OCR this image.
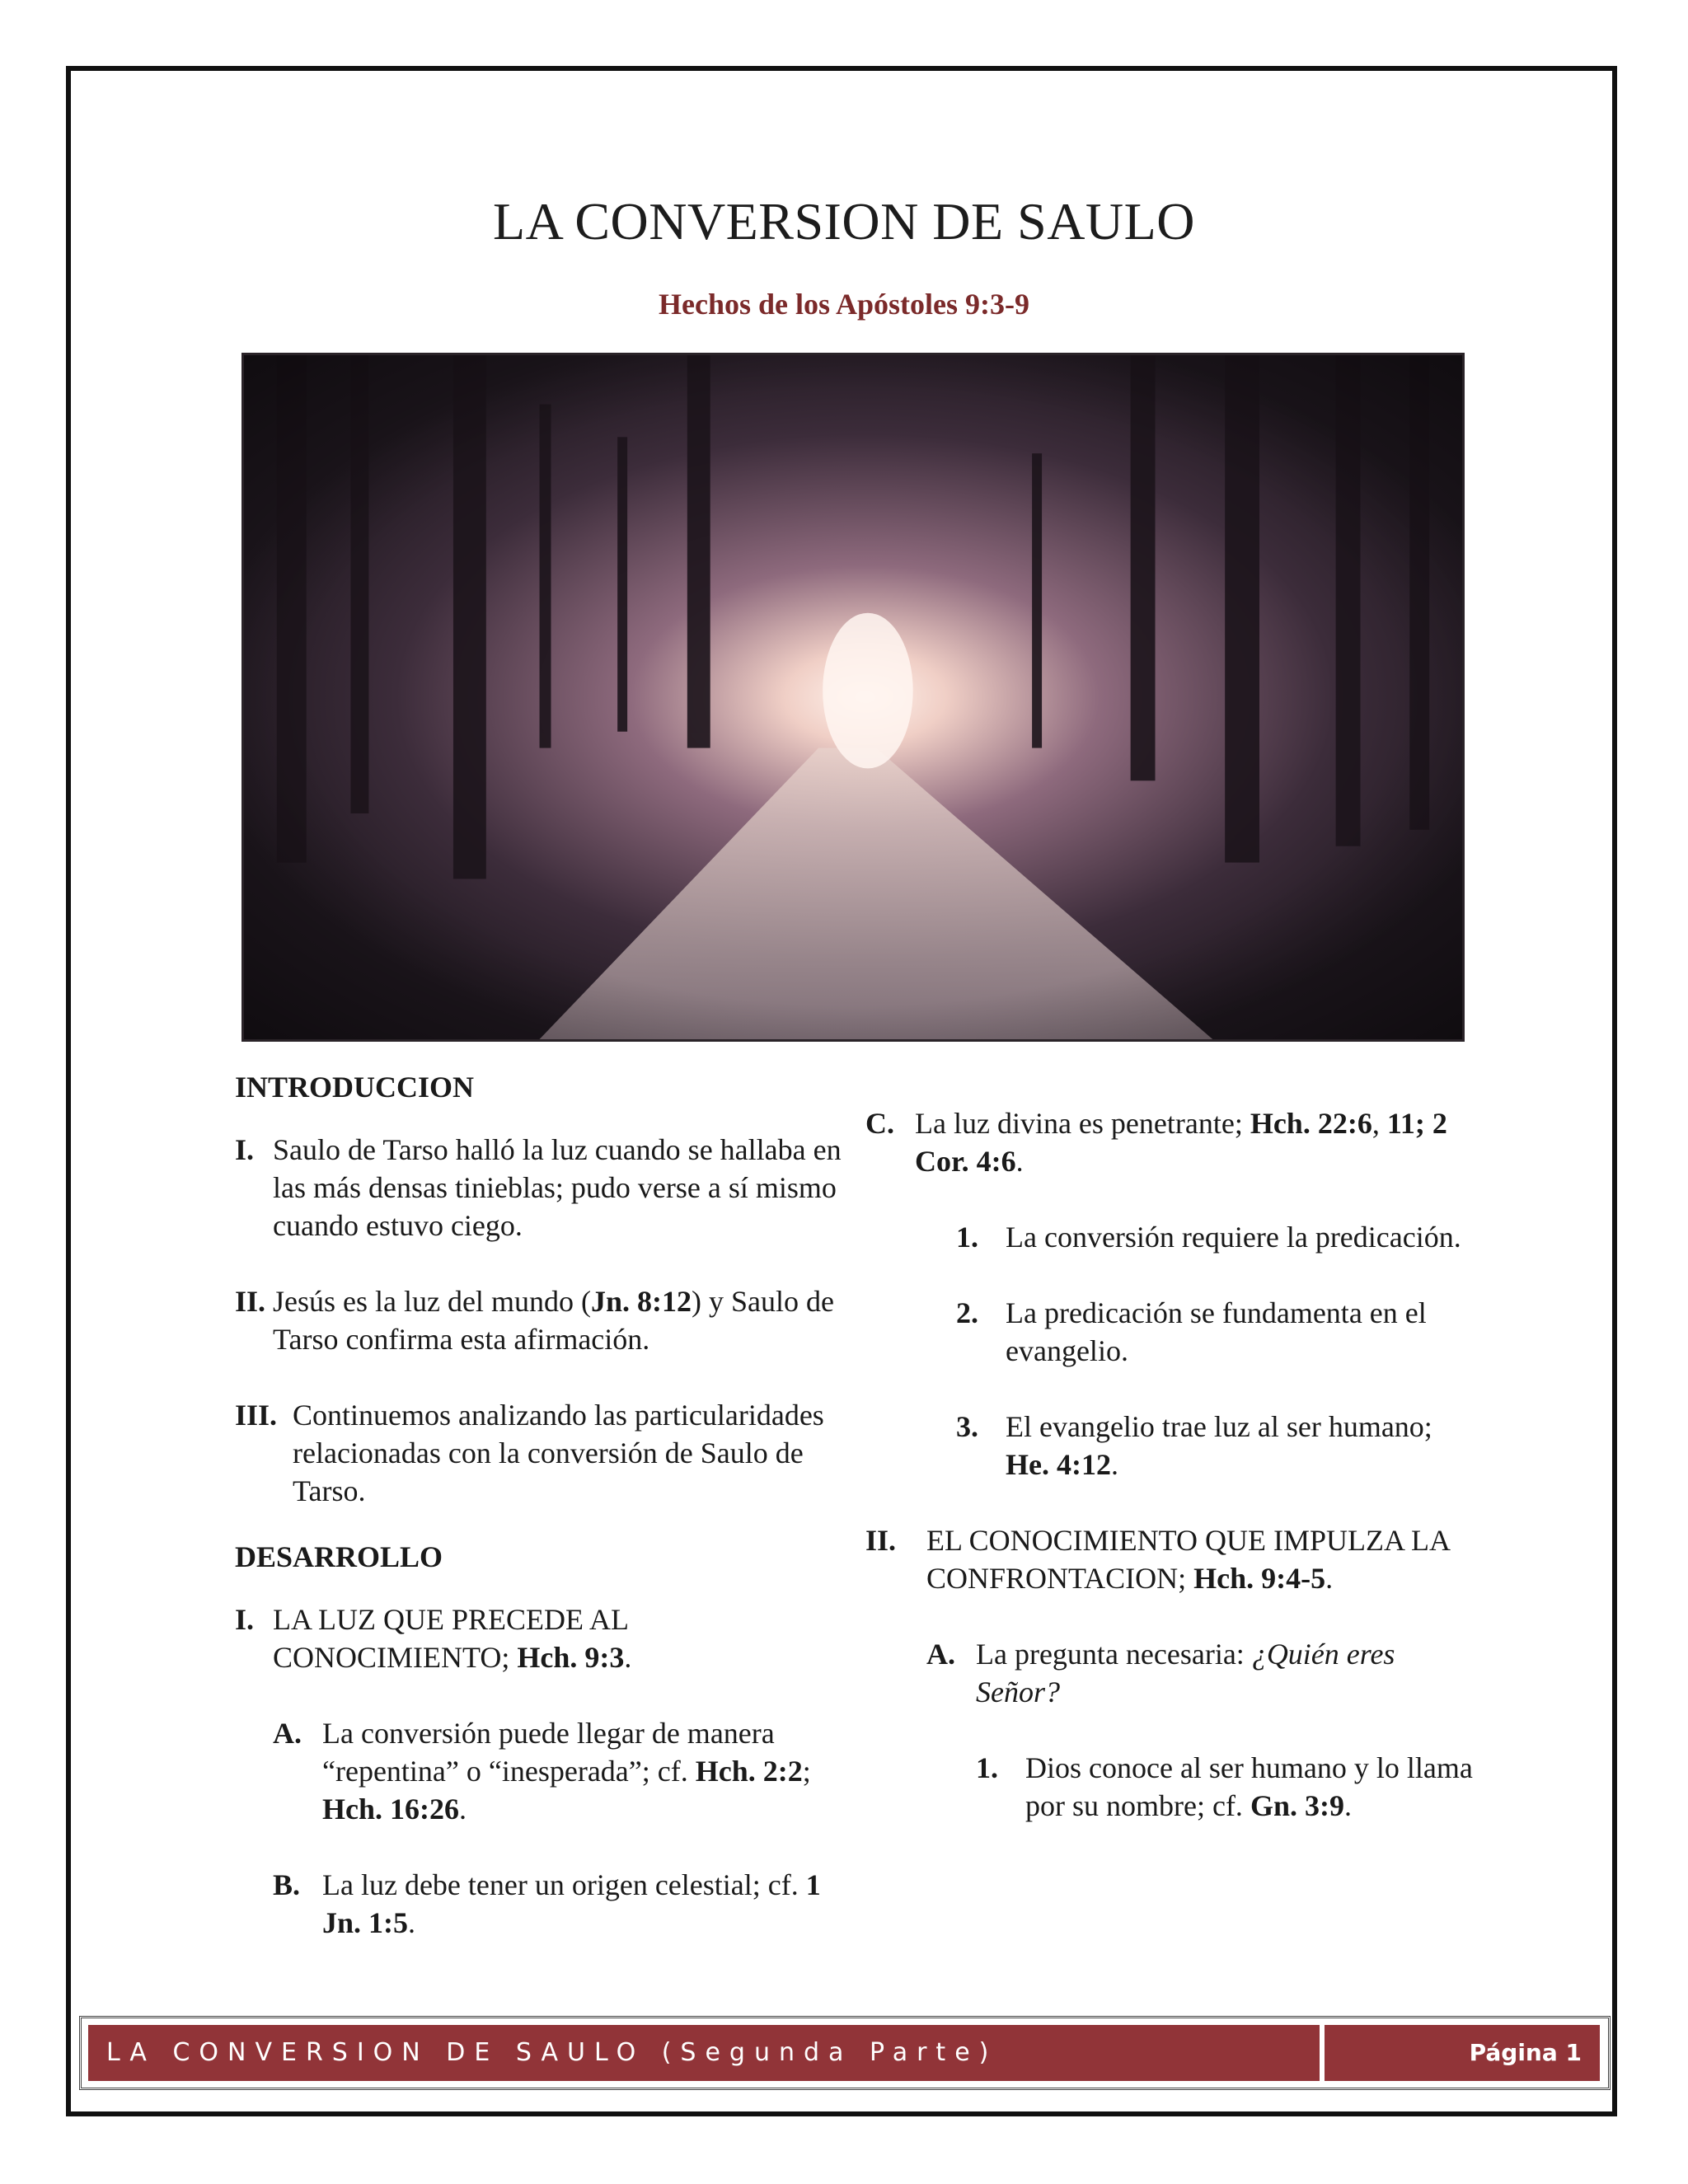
LA CONVERSION DE SAULO
Hechos de los Apóstoles 9:3-9
INTRODUCCION
I. Saulo de Tarso halló la luz cuando se hallaba en las más densas tinieblas; pudo verse a sí mismo cuando estuvo ciego.
II. Jesús es la luz del mundo (Jn. 8:12) y Saulo de Tarso confirma esta afirmación.
III. Continuemos analizando las particularidades relacionadas con la conversión de Saulo de Tarso.
DESARROLLO
I. LA LUZ QUE PRECEDE AL CONOCIMIENTO; Hch. 9:3.
A. La conversión puede llegar de manera “repentina” o “inesperada”; cf. Hch. 2:2; Hch. 16:26.
B. La luz debe tener un origen celestial; cf. 1 Jn. 1:5.
C. La luz divina es penetrante; Hch. 22:6, 11; 2 Cor. 4:6.
1. La conversión requiere la predicación.
2. La predicación se fundamenta en el evangelio.
3. El evangelio trae luz al ser humano; He. 4:12.
II. EL CONOCIMIENTO QUE IMPULZA LA CONFRONTACION; Hch. 9:4-5.
A. La pregunta necesaria: ¿Quién eres Señor?
1. Dios conoce al ser humano y lo llama por su nombre; cf. Gn. 3:9.
LA CONVERSION DE SAULO (Segunda Parte)	Página 1
